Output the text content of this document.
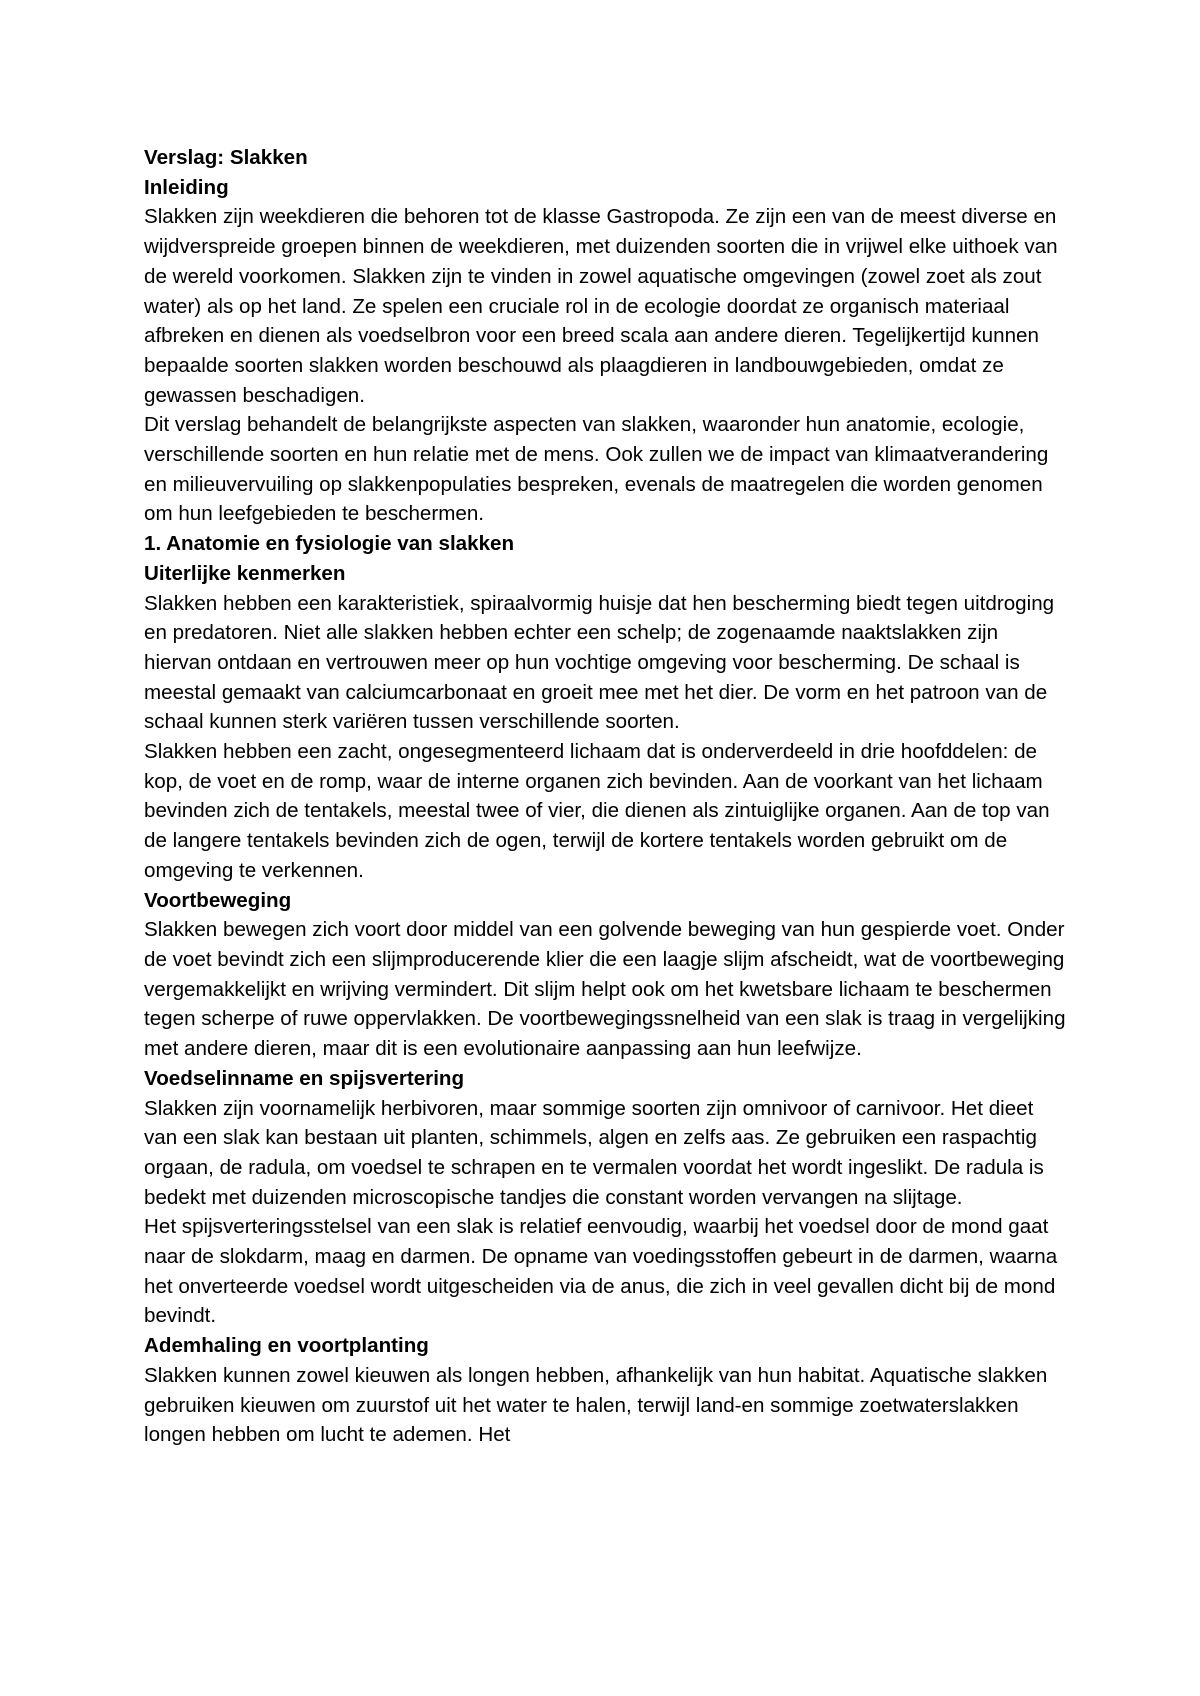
Verslag: Slakken

Inleiding

Slakken zijn weekdieren die behoren tot de klasse Gastropoda. Ze zijn een van de meest diverse en wijdverspreide groepen binnen de weekdieren, met duizenden soorten die in vrijwel elke uithoek van de wereld voorkomen. Slakken zijn te vinden in zowel aquatische omgevingen (zowel zoet als zout water) als op het land. Ze spelen een cruciale rol in de ecologie doordat ze organisch materiaal afbreken en dienen als voedselbron voor een breed scala aan andere dieren. Tegelijkertijd kunnen bepaalde soorten slakken worden beschouwd als plaagdieren in landbouwgebieden, omdat ze gewassen beschadigen.

Dit verslag behandelt de belangrijkste aspecten van slakken, waaronder hun anatomie, ecologie, verschillende soorten en hun relatie met de mens. Ook zullen we de impact van klimaatverandering en milieuvervuiling op slakkenpopulaties bespreken, evenals de maatregelen die worden genomen om hun leefgebieden te beschermen.

1. Anatomie en fysiologie van slakken

Uiterlijke kenmerken

Slakken hebben een karakteristiek, spiraalvormig huisje dat hen bescherming biedt tegen uitdroging en predatoren. Niet alle slakken hebben echter een schelp; de zogenaamde naaktslakken zijn hiervan ontdaan en vertrouwen meer op hun vochtige omgeving voor bescherming. De schaal is meestal gemaakt van calciumcarbonaat en groeit mee met het dier. De vorm en het patroon van de schaal kunnen sterk variëren tussen verschillende soorten.

Slakken hebben een zacht, ongesegmenteerd lichaam dat is onderverdeeld in drie hoofddelen: de kop, de voet en de romp, waar de interne organen zich bevinden. Aan de voorkant van het lichaam bevinden zich de tentakels, meestal twee of vier, die dienen als zintuiglijke organen. Aan de top van de langere tentakels bevinden zich de ogen, terwijl de kortere tentakels worden gebruikt om de omgeving te verkennen.

Voortbeweging

Slakken bewegen zich voort door middel van een golvende beweging van hun gespierde voet. Onder de voet bevindt zich een slijmproducerende klier die een laagje slijm afscheidt, wat de voortbeweging vergemakkelijkt en wrijving vermindert. Dit slijm helpt ook om het kwetsbare lichaam te beschermen tegen scherpe of ruwe oppervlakken. De voortbewegingssnelheid van een slak is traag in vergelijking met andere dieren, maar dit is een evolutionaire aanpassing aan hun leefwijze.

Voedselinname en spijsvertering

Slakken zijn voornamelijk herbivoren, maar sommige soorten zijn omnivoor of carnivoor. Het dieet van een slak kan bestaan uit planten, schimmels, algen en zelfs aas. Ze gebruiken een raspachtig orgaan, de radula, om voedsel te schrapen en te vermalen voordat het wordt ingeslikt. De radula is bedekt met duizenden microscopische tandjes die constant worden vervangen na slijtage.

Het spijsverteringsstelsel van een slak is relatief eenvoudig, waarbij het voedsel door de mond gaat naar de slokdarm, maag en darmen. De opname van voedingsstoffen gebeurt in de darmen, waarna het onverteerde voedsel wordt uitgescheiden via de anus, die zich in veel gevallen dicht bij de mond bevindt.

Ademhaling en voortplanting

Slakken kunnen zowel kieuwen als longen hebben, afhankelijk van hun habitat. Aquatische slakken gebruiken kieuwen om zuurstof uit het water te halen, terwijl land-en sommige zoetwaterslakken longen hebben om lucht te ademen. Het
